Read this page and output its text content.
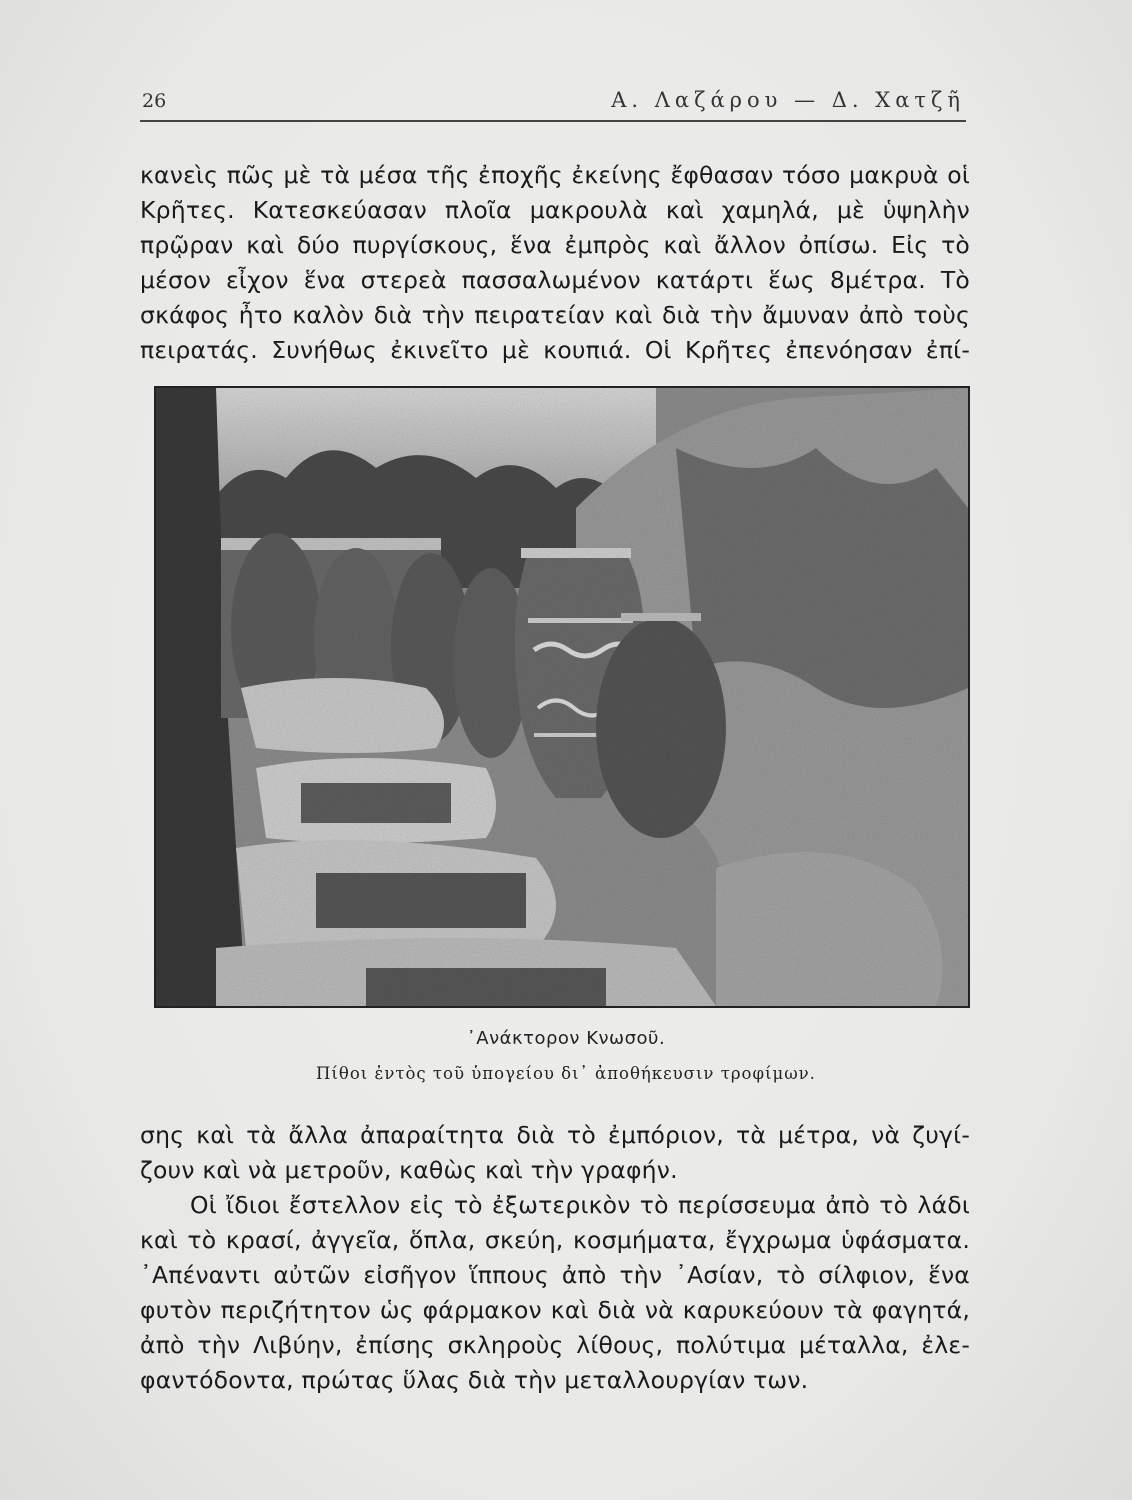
26	Α. Λαζάρου — Δ. Χατζῆ
κανεὶς πῶς μὲ τὰ μέσα τῆς ἐποχῆς ἐκείνης ἔφθασαν τόσο μακρυὰ οἱ
Κρῆτες. Κατεσκεύασαν πλοῖα μακρουλὰ καὶ χαμηλά, μὲ ὑψηλὴν
πρῷραν καὶ δύο πυργίσκους, ἕνα ἐμπρὸς καὶ ἄλλον ὀπίσω. Εἰς τὸ
μέσον εἶχον ἕνα στερεὰ πασσαλωμένον κατάρτι ἕως 8μέτρα. Τὸ
σκάφος ἦτο καλὸν διὰ τὴν πειρατείαν καὶ διὰ τὴν ἄμυναν ἀπὸ τοὺς
πειρατάς. Συνήθως ἐκινεῖτο μὲ κουπιά. Οἱ Κρῆτες ἐπενόησαν ἐπί-
᾿Ανάκτορον Κνωσοῦ.
Πίθοι ἐντὸς τοῦ ὑπογείου δι᾿ ἀποθήκευσιν τροφίμων.
σης καὶ τὰ ἄλλα ἀπαραίτητα διὰ τὸ ἐμπόριον, τὰ μέτρα, νὰ ζυγί-
ζουν καὶ νὰ μετροῦν, καθὼς καὶ τὴν γραφήν.
Οἱ ἴδιοι ἔστελλον εἰς τὸ ἐξωτερικὸν τὸ περίσσευμα ἀπὸ τὸ λάδι
καὶ τὸ κρασί, ἀγγεῖα, ὅπλα, σκεύη, κοσμήματα, ἔγχρωμα ὑφάσματα.
᾿Απέναντι αὐτῶν εἰσῆγον ἵππους ἀπὸ τὴν ᾿Ασίαν, τὸ σίλφιον, ἕνα
φυτὸν περιζήτητον ὡς φάρμακον καὶ διὰ νὰ καρυκεύουν τὰ φαγητά,
ἀπὸ τὴν Λιβύην, ἐπίσης σκληροὺς λίθους, πολύτιμα μέταλλα, ἐλε-
φαντόδοντα, πρώτας ὕλας διὰ τὴν μεταλλουργίαν των.
